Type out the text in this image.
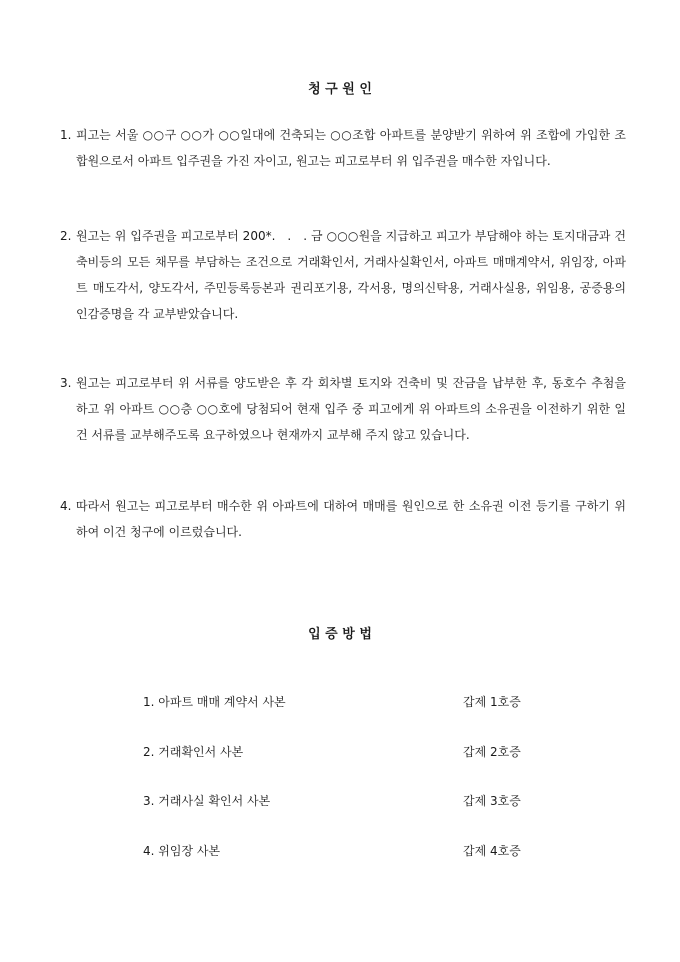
청 구 원 인
1. 피고는 서울 ○○구 ○○가 ○○일대에 건축되는 ○○조합 아파트를 분양받기 위하여 위 조합에 가입한 조합원으로서 아파트 입주권을 가진 자이고, 원고는 피고로부터 위 입주권을 매수한 자입니다.
2. 원고는 위 입주권을 피고로부터 200*.   .   . 금 ○○○원을 지급하고 피고가 부담해야 하는 토지대금과 건축비등의 모든 채무를 부담하는 조건으로 거래확인서, 거래사실확인서, 아파트 매매계약서, 위임장, 아파트 매도각서, 양도각서, 주민등록등본과 권리포기용, 각서용, 명의신탁용, 거래사실용, 위임용, 공증용의 인감증명을 각 교부받았습니다.
3. 원고는 피고로부터 위 서류를 양도받은 후 각 회차별 토지와 건축비 및 잔금을 납부한 후, 동호수 추첨을 하고 위 아파트 ○○층 ○○호에 당첨되어 현재 입주 중 피고에게 위 아파트의 소유권을 이전하기 위한 일건 서류를 교부해주도록 요구하였으나 현재까지 교부해 주지 않고 있습니다.
4. 따라서 원고는 피고로부터 매수한 위 아파트에 대하여 매매를 원인으로 한 소유권 이전 등기를 구하기 위하여 이건 청구에 이르렀습니다.
입 증 방 법
1. 아파트 매매 계약서 사본	갑제 1호증
2. 거래확인서 사본	갑제 2호증
3. 거래사실 확인서 사본	갑제 3호증
4. 위임장 사본	갑제 4호증
